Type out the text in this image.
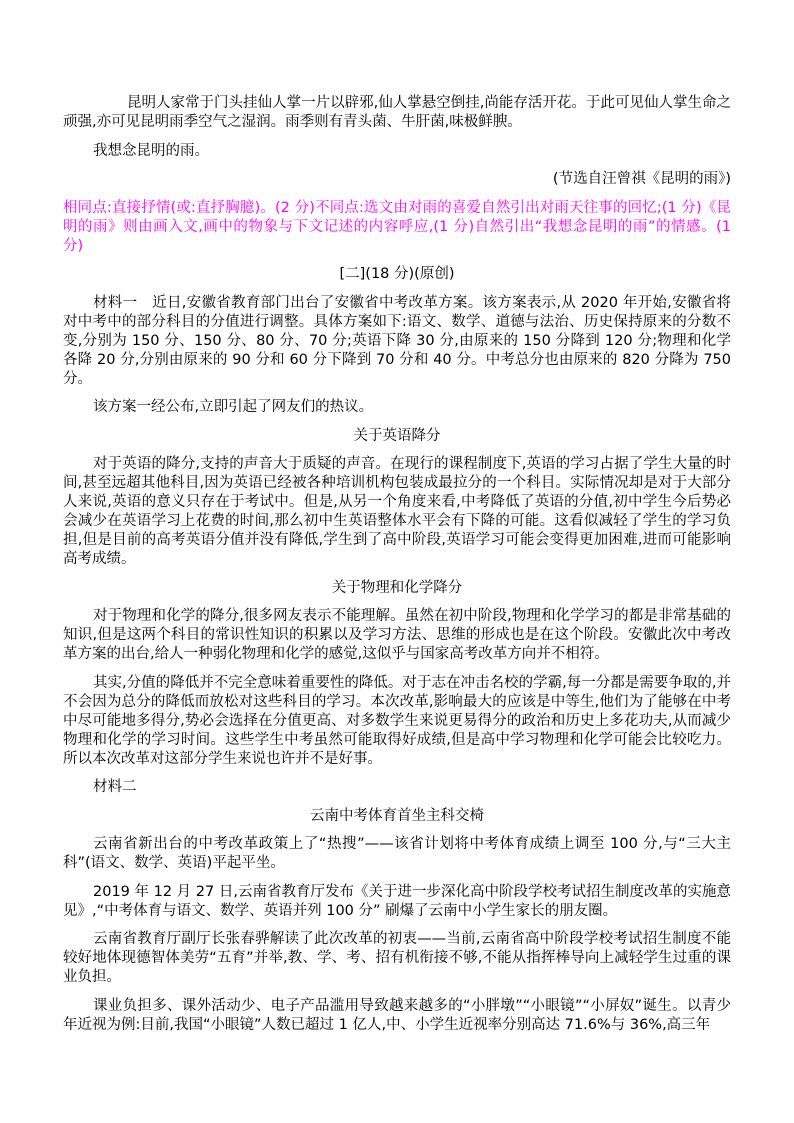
昆明人家常于门头挂仙人掌一片以辟邪,仙人掌悬空倒挂,尚能存活开花。于此可见仙人掌生命之顽强,亦可见昆明雨季空气之湿润。雨季则有青头菌、牛肝菌,味极鲜腴。

我想念昆明的雨。

(节选自汪曾祺《昆明的雨》)

相同点:直接抒情(或:直抒胸臆)。(2 分)不同点:选文由对雨的喜爱自然引出对雨天往事的回忆;(1 分)《昆明的雨》则由画入文,画中的物象与下文记述的内容呼应,(1 分)自然引出“我想念昆明的雨”的情感。(1 分)

[二](18 分)(原创)

材料一　近日,安徽省教育部门出台了安徽省中考改革方案。该方案表示,从 2020 年开始,安徽省将对中考中的部分科目的分值进行调整。具体方案如下:语文、数学、道德与法治、历史保持原来的分数不变,分别为 150 分、150 分、80 分、70 分;英语下降 30 分,由原来的 150 分降到 120 分;物理和化学各降 20 分,分别由原来的 90 分和 60 分下降到 70 分和 40 分。中考总分也由原来的 820 分降为 750 分。

该方案一经公布,立即引起了网友们的热议。

关于英语降分

对于英语的降分,支持的声音大于质疑的声音。在现行的课程制度下,英语的学习占据了学生大量的时间,甚至远超其他科目,因为英语已经被各种培训机构包装成最拉分的一个科目。实际情况却是对于大部分人来说,英语的意义只存在于考试中。但是,从另一个角度来看,中考降低了英语的分值,初中学生今后势必会减少在英语学习上花费的时间,那么初中生英语整体水平会有下降的可能。这看似减轻了学生的学习负担,但是目前的高考英语分值并没有降低,学生到了高中阶段,英语学习可能会变得更加困难,进而可能影响高考成绩。

关于物理和化学降分

对于物理和化学的降分,很多网友表示不能理解。虽然在初中阶段,物理和化学学习的都是非常基础的知识,但是这两个科目的常识性知识的积累以及学习方法、思维的形成也是在这个阶段。安徽此次中考改革方案的出台,给人一种弱化物理和化学的感觉,这似乎与国家高考改革方向并不相符。

其实,分值的降低并不完全意味着重要性的降低。对于志在冲击名校的学霸,每一分都是需要争取的,并不会因为总分的降低而放松对这些科目的学习。本次改革,影响最大的应该是中等生,他们为了能够在中考中尽可能地多得分,势必会选择在分值更高、对多数学生来说更易得分的政治和历史上多花功夫,从而减少物理和化学的学习时间。这些学生中考虽然可能取得好成绩,但是高中学习物理和化学可能会比较吃力。所以本次改革对这部分学生来说也许并不是好事。

材料二

云南中考体育首坐主科交椅

云南省新出台的中考改革政策上了“热搜”——该省计划将中考体育成绩上调至 100 分,与“三大主科”(语文、数学、英语)平起平坐。

2019 年 12 月 27 日,云南省教育厅发布《关于进一步深化高中阶段学校考试招生制度改革的实施意见》,“中考体育与语文、数学、英语并列 100 分” 刷爆了云南中小学生家长的朋友圈。

云南省教育厅副厅长张春骅解读了此次改革的初衷——当前,云南省高中阶段学校考试招生制度不能较好地体现德智体美劳“五育”并举,教、学、考、招有机衔接不够,不能从指挥棒导向上减轻学生过重的课业负担。

课业负担多、课外活动少、电子产品滥用导致越来越多的“小胖墩”“小眼镜”“小屏奴”诞生。以青少年近视为例:目前,我国“小眼镜”人数已超过 1 亿人,中、小学生近视率分别高达 71.6%与 36%,高三年
